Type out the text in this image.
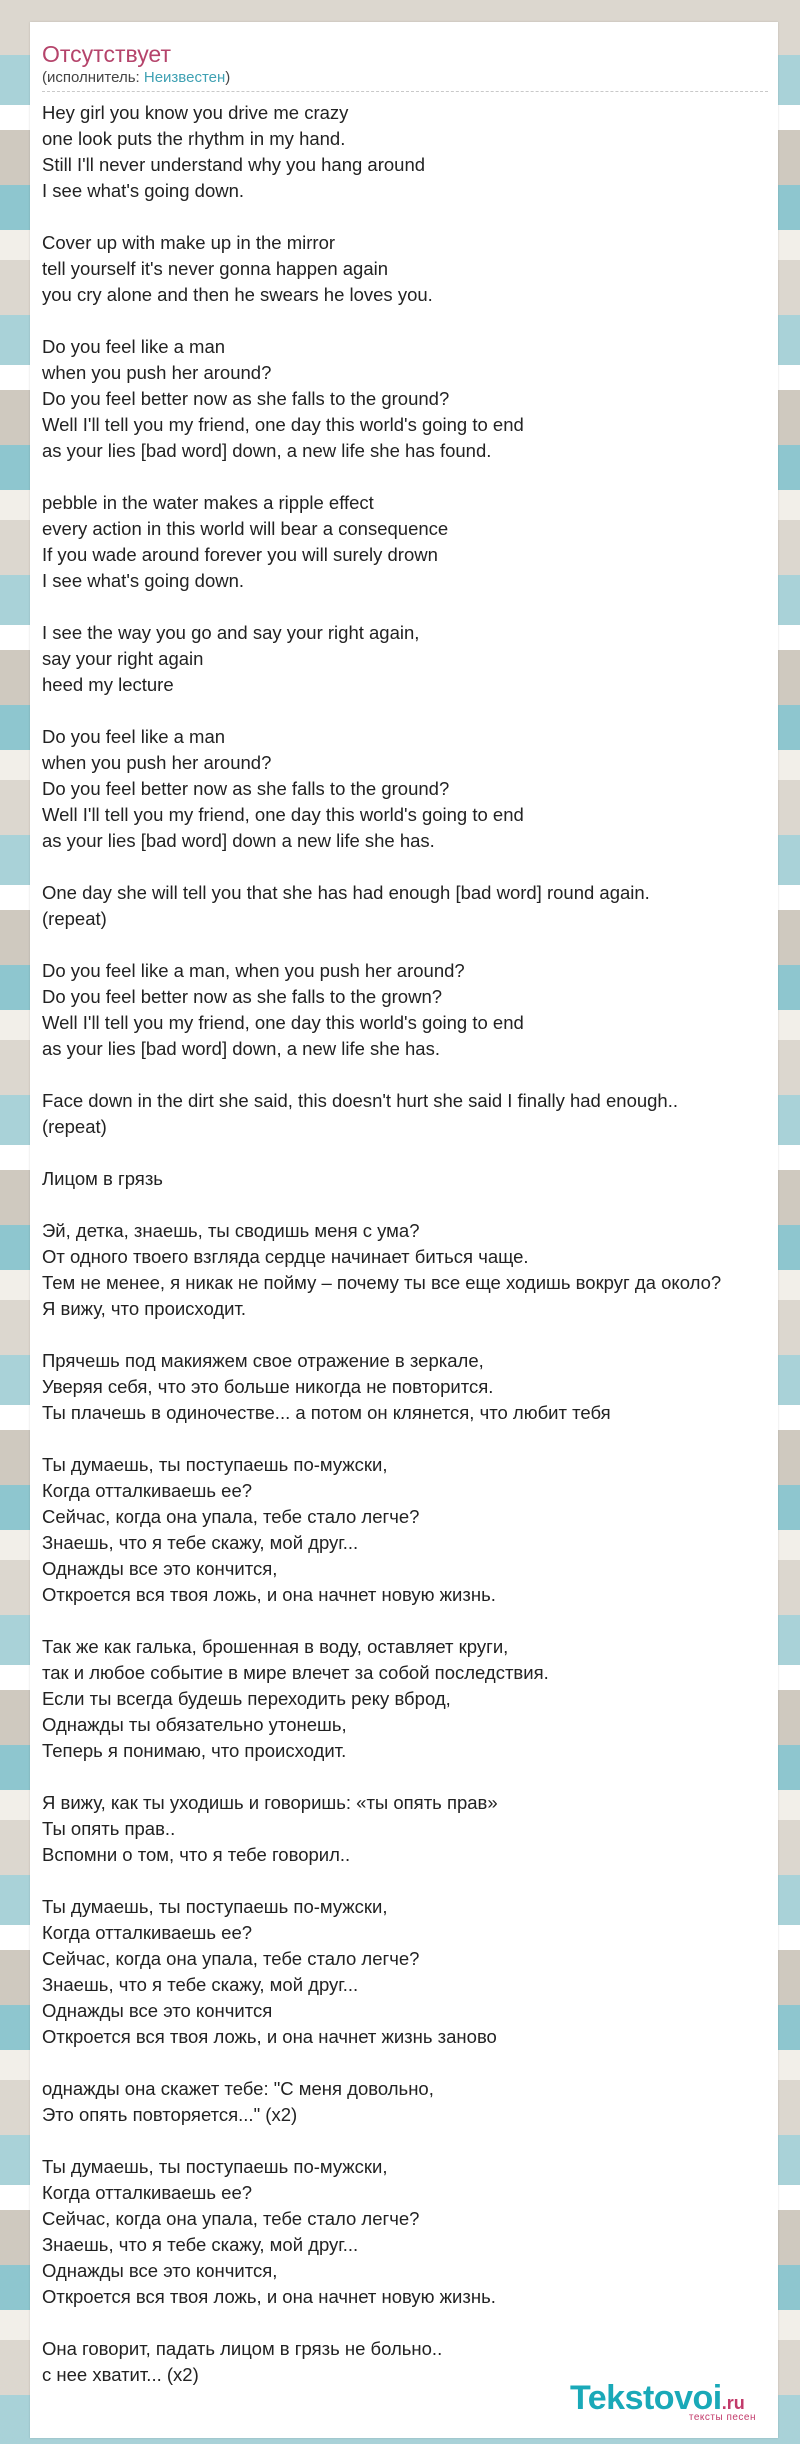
Отсутствует
(исполнитель: Неизвестен)
Hey girl you know you drive me crazy
one look puts the rhythm in my hand.
Still I'll never understand why you hang around
I see what's going down.
Cover up with make up in the mirror
tell yourself it's never gonna happen again
you cry alone and then he swears he loves you.
Do you feel like a man
when you push her around?
Do you feel better now as she falls to the ground?
Well I'll tell you my friend, one day this world's going to end
as your lies [bad word] down, a new life she has found.
pebble in the water makes a ripple effect
every action in this world will bear a consequence
If you wade around forever you will surely drown
I see what's going down.
I see the way you go and say your right again,
say your right again
heed my lecture
Do you feel like a man
when you push her around?
Do you feel better now as she falls to the ground?
Well I'll tell you my friend, one day this world's going to end
as your lies [bad word] down a new life she has.
One day she will tell you that she has had enough [bad word] round again.
(repeat)
Do you feel like a man, when you push her around?
Do you feel better now as she falls to the grown?
Well I'll tell you my friend, one day this world's going to end
as your lies [bad word] down, a new life she has.
Face down in the dirt she said, this doesn't hurt she said I finally had enough..
(repeat)
Лицом в грязь
Эй, детка, знаешь, ты сводишь меня с ума?
От одного твоего взгляда сердце начинает биться чаще.
Тем не менее, я никак не пойму – почему ты все еще ходишь вокруг да около?
Я вижу, что происходит.
Прячешь под макияжем свое отражение в зеркале,
Уверяя себя, что это больше никогда не повторится.
Ты плачешь в одиночестве... а потом он клянется, что любит тебя
Ты думаешь, ты поступаешь по-мужски,
Когда отталкиваешь ее?
Сейчас, когда она упала, тебе стало легче?
Знаешь, что я тебе скажу, мой друг...
Однажды все это кончится,
Откроется вся твоя ложь, и она начнет новую жизнь.
Так же как галька, брошенная в воду, оставляет круги,
так и любое событие в мире влечет за собой последствия.
Если ты всегда будешь переходить реку вброд,
Однажды ты обязательно утонешь,
Теперь я понимаю, что происходит.
Я вижу, как ты уходишь и говоришь: «ты опять прав»
Ты опять прав..
Вспомни о том, что я тебе говорил..
Ты думаешь, ты поступаешь по-мужски,
Когда отталкиваешь ее?
Сейчас, когда она упала, тебе стало легче?
Знаешь, что я тебе скажу, мой друг...
Однажды все это кончится
Откроется вся твоя ложь, и она начнет жизнь заново
однажды она скажет тебе: "С меня довольно,
Это опять повторяется..." (x2)
Ты думаешь, ты поступаешь по-мужски,
Когда отталкиваешь ее?
Сейчас, когда она упала, тебе стало легче?
Знаешь, что я тебе скажу, мой друг...
Однажды все это кончится,
Откроется вся твоя ложь, и она начнет новую жизнь.
Она говорит, падать лицом в грязь не больно..
с нее хватит... (x2)
Tekstovoi.ru
тексты песен
